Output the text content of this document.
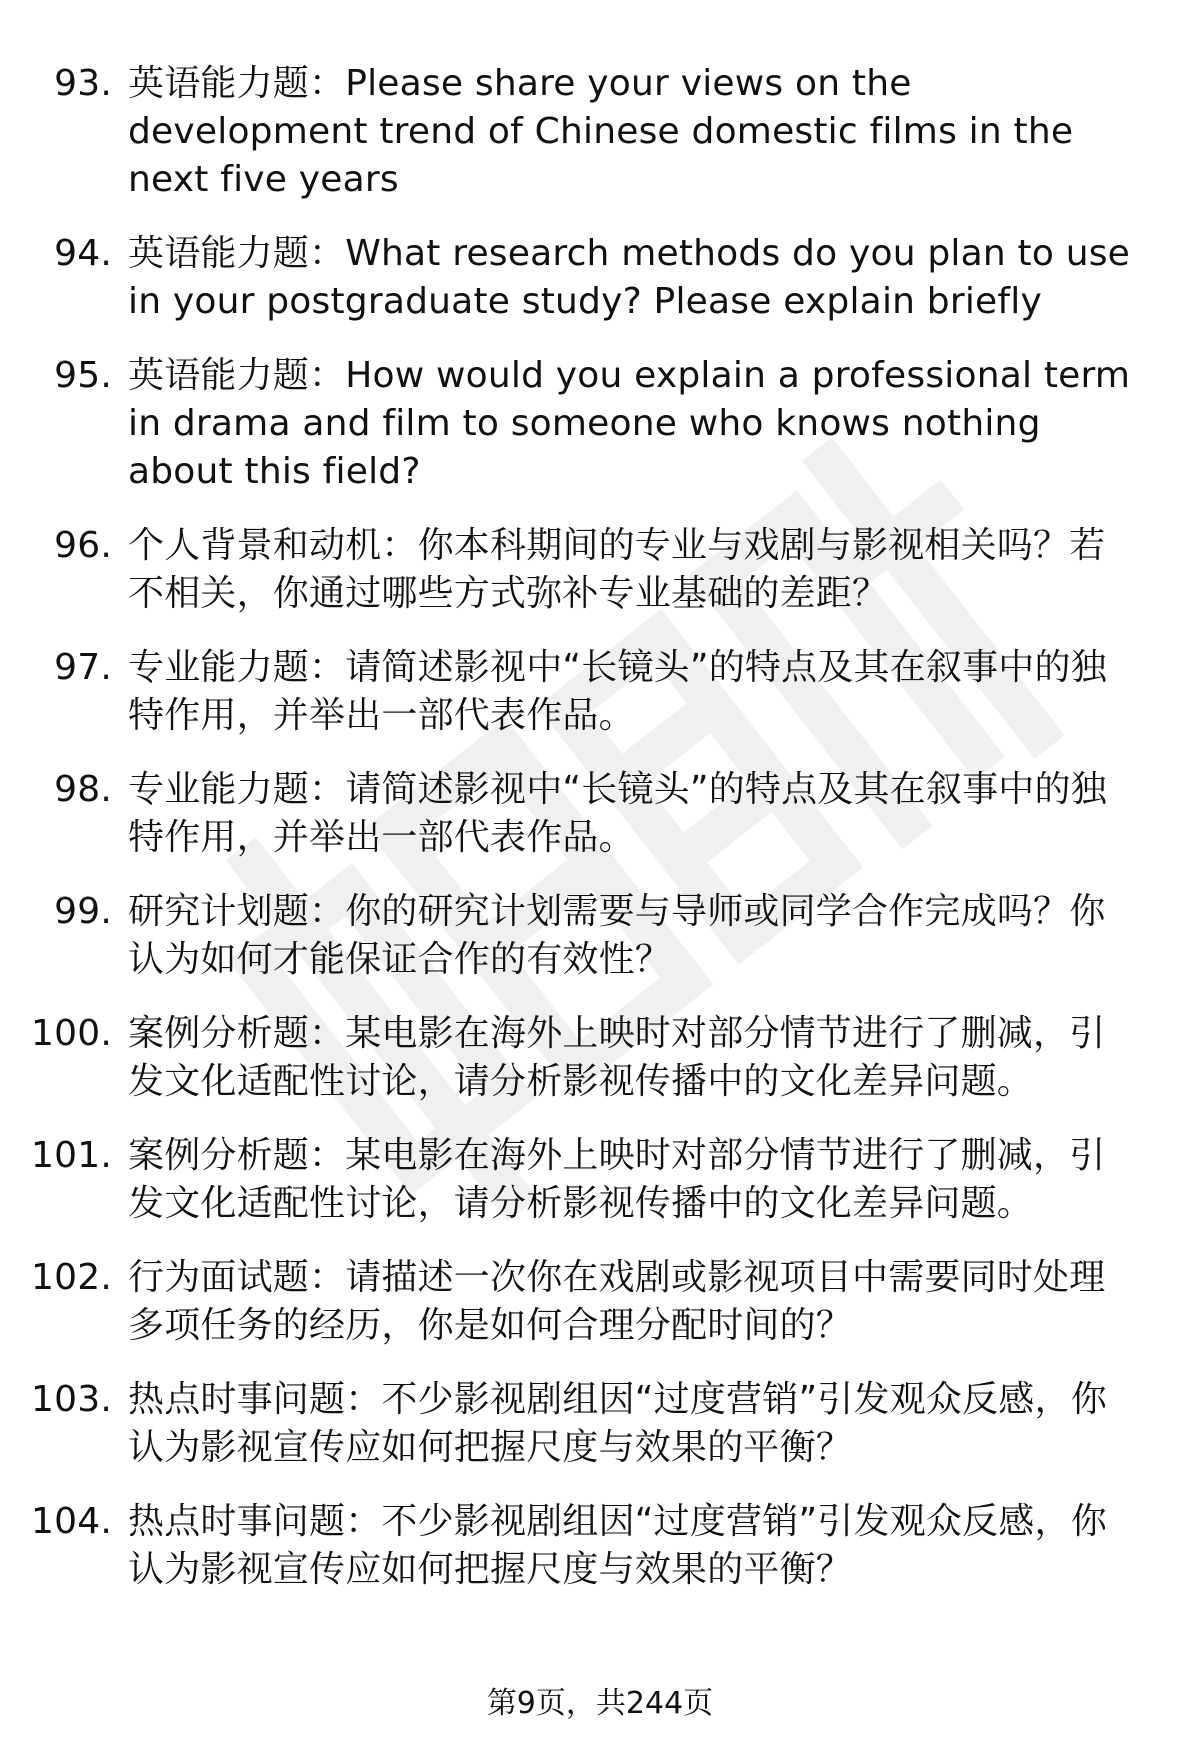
93. 英语能力题：Please share your views on the development trend of Chinese domestic films in the next five years
94. 英语能力题：What research methods do you plan to use in your postgraduate study? Please explain briefly
95. 英语能力题：How would you explain a professional term in drama and film to someone who knows nothing about this field?
96. 个人背景和动机：你本科期间的专业与戏剧与影视相关吗？若不相关，你通过哪些方式弥补专业基础的差距？
97. 专业能力题：请简述影视中“长镜头”的特点及其在叙事中的独特作用，并举出一部代表作品。
98. 专业能力题：请简述影视中“长镜头”的特点及其在叙事中的独特作用，并举出一部代表作品。
99. 研究计划题：你的研究计划需要与导师或同学合作完成吗？你认为如何才能保证合作的有效性？
100. 案例分析题：某电影在海外上映时对部分情节进行了删减，引发文化适配性讨论，请分析影视传播中的文化差异问题。
101. 案例分析题：某电影在海外上映时对部分情节进行了删减，引发文化适配性讨论，请分析影视传播中的文化差异问题。
102. 行为面试题：请描述一次你在戏剧或影视项目中需要同时处理多项任务的经历，你是如何合理分配时间的？
103. 热点时事问题：不少影视剧组因“过度营销”引发观众反感，你认为影视宣传应如何把握尺度与效果的平衡？
104. 热点时事问题：不少影视剧组因“过度营销”引发观众反感，你认为影视宣传应如何把握尺度与效果的平衡？
第9页，共244页
